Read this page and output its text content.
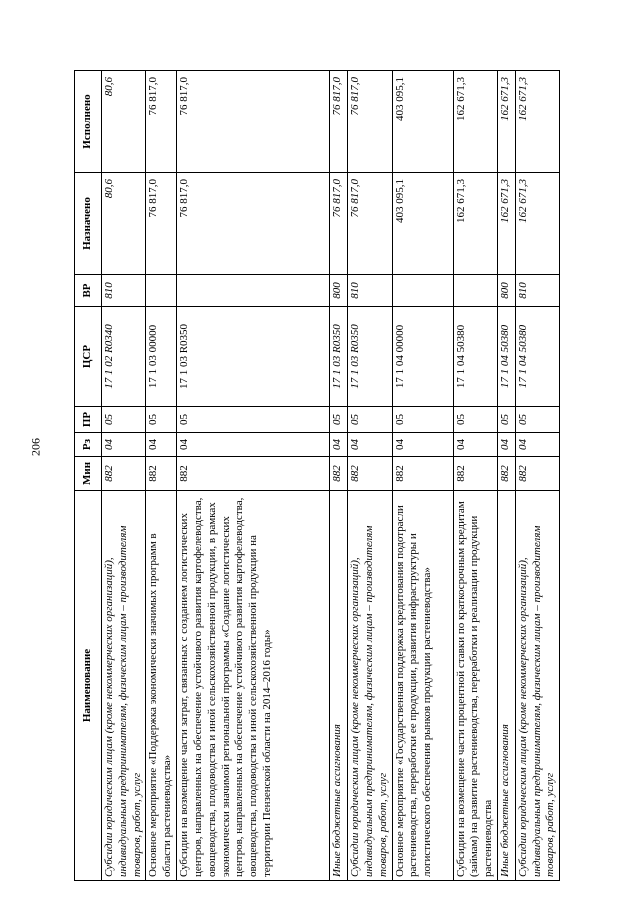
206
Наименование	Мин	Рз	ПР	ЦСР	ВР	Назначено	Исполнено
Субсидии юридическим лицам (кроме некоммерческих организаций), индивидуальным предпринимателям, физическим лицам – производителям товаров, работ, услуг	882	04	05	17 1 02 R0340	810	80,6	80,6
Основное мероприятие «Поддержка экономически значимых программ в области растениеводства»	882	04	05	17 1 03 00000		76 817,0	76 817,0
Субсидии на возмещение части затрат, связанных с созданием логистических центров, направленных на обеспечение устойчивого развития картофелеводства, овощеводства, плодоводства и иной сельскохозяйственной продукции, в рамках экономически значимой региональной программы «Создание логистических центров, направленных на обеспечение устойчивого развития картофелеводства, овощеводства, плодоводства и иной сельскохозяйственной продукции на территории Пензенской области на 2014–2016 годы»	882	04	05	17 1 03 R0350		76 817,0	76 817,0
Иные бюджетные ассигнования	882	04	05	17 1 03 R0350	800	76 817,0	76 817,0
Субсидии юридическим лицам (кроме некоммерческих организаций), индивидуальным предпринимателям, физическим лицам – производителям товаров, работ, услуг	882	04	05	17 1 03 R0350	810	76 817,0	76 817,0
Основное мероприятие «Государственная поддержка кредитования подотрасли растениеводства, переработки ее продукции, развития инфраструктуры и логистического обеспечения рынков продукции растениеводства»	882	04	05	17 1 04 00000		403 095,1	403 095,1
Субсидии на возмещение части процентной ставки по краткосрочным кредитам (займам) на развитие растениеводства, переработки и реализации продукции растениеводства	882	04	05	17 1 04 50380		162 671,3	162 671,3
Иные бюджетные ассигнования	882	04	05	17 1 04 50380	800	162 671,3	162 671,3
Субсидии юридическим лицам (кроме некоммерческих организаций), индивидуальным предпринимателям, физическим лицам – производителям товаров, работ, услуг	882	04	05	17 1 04 50380	810	162 671,3	162 671,3
